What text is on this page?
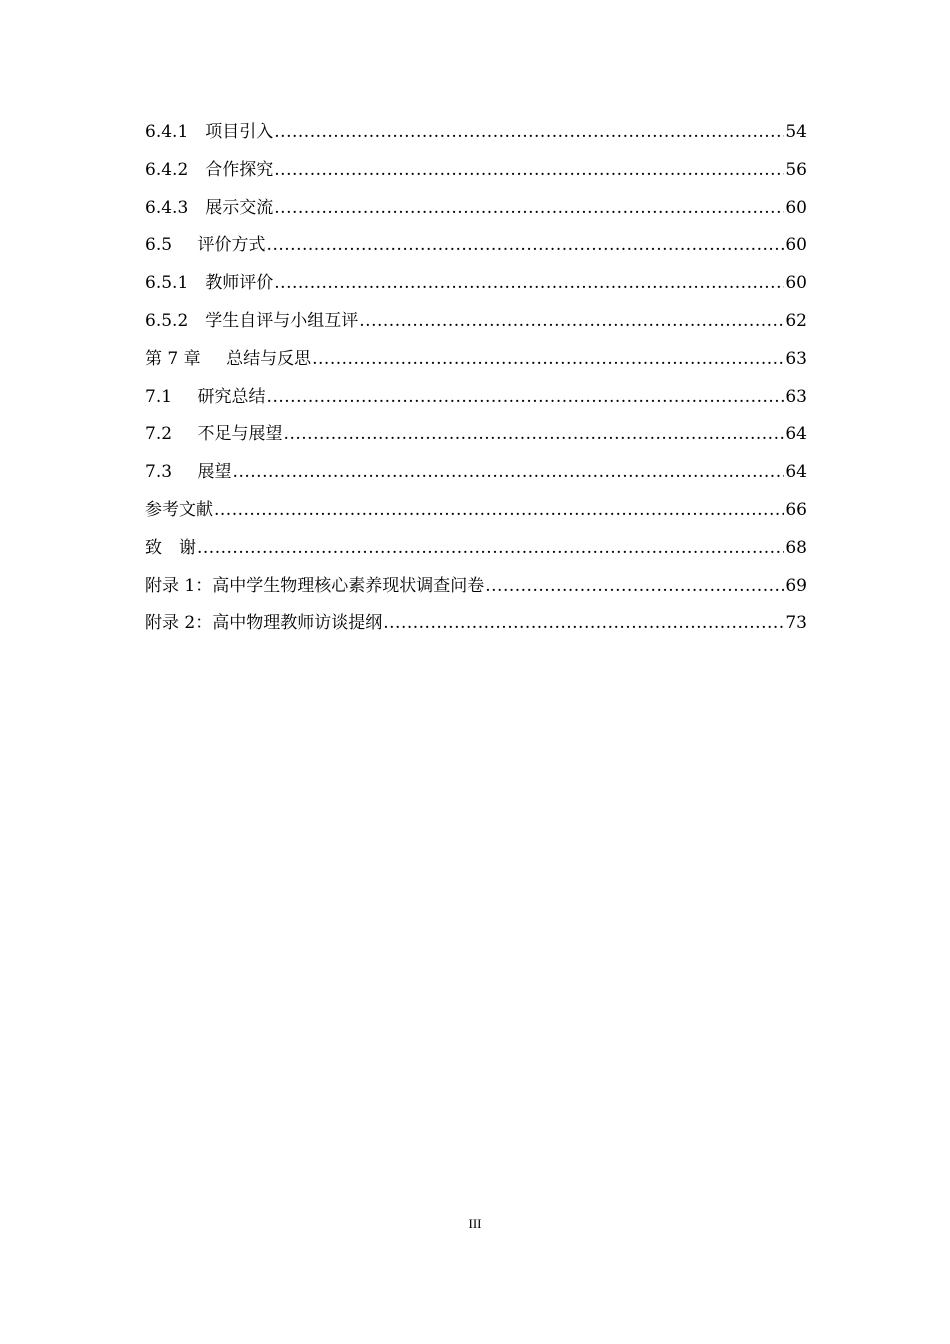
6.4.1  项目引入 .....	54
6.4.2  合作探究 .....	56
6.4.3  展示交流 .....	60
6.5   评价方式 .....	60
6.5.1  教师评价 .....	60
6.5.2  学生自评与小组互评 .....	62
第 7 章   总结与反思 .....	63
7.1   研究总结 .....	63
7.2   不足与展望 .....	64
7.3   展望 .....	64
参考文献 .....	66
致 谢 .....	68
附录 1：高中学生物理核心素养现状调查问卷 .....	69
附录 2：高中物理教师访谈提纲 .....	73
III
